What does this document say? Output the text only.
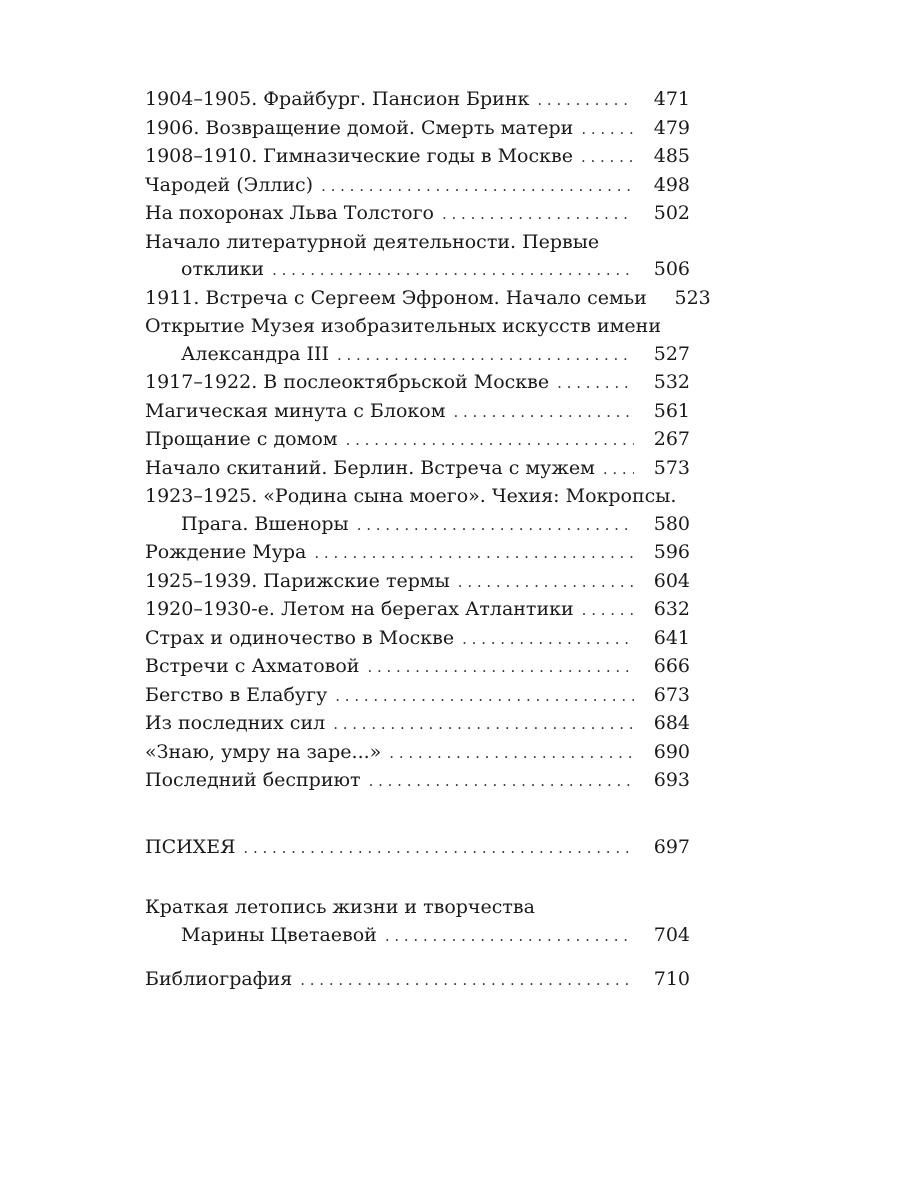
1904–1905. Фрайбург. Пансион Бринк . . .	471
1906. Возвращение домой. Смерть матери . . .	479
1908–1910. Гимназические годы в Москве . . .	485
Чародей (Эллис) . . .	498
На похоронах Льва Толстого . . .	502
Начало литературной деятельности. Первые
отклики . . .	506
1911. Встреча с Сергеем Эфроном. Начало семьи	523
Открытие Музея изобразительных искусств имени
Александра III . . .	527
1917–1922. В послеоктябрьской Москве . . .	532
Магическая минута с Блоком . . .	561
Прощание с домом . . .	267
Начало скитаний. Берлин. Встреча с мужем . . .	573
1923–1925. «Родина сына моего». Чехия: Мокропсы.
Прага. Вшеноры . . .	580
Рождение Мура . . .	596
1925–1939. Парижские термы . . .	604
1920–1930-е. Летом на берегах Атлантики . . .	632
Страх и одиночество в Москве . . .	641
Встречи с Ахматовой . . .	666
Бегство в Елабугу . . .	673
Из последних сил . . .	684
«Знаю, умру на заре...» . . .	690
Последний бесприют . . .	693
ПСИХЕЯ . . .	697
Краткая летопись жизни и творчества
Марины Цветаевой . . .	704
Библиография . . .	710
